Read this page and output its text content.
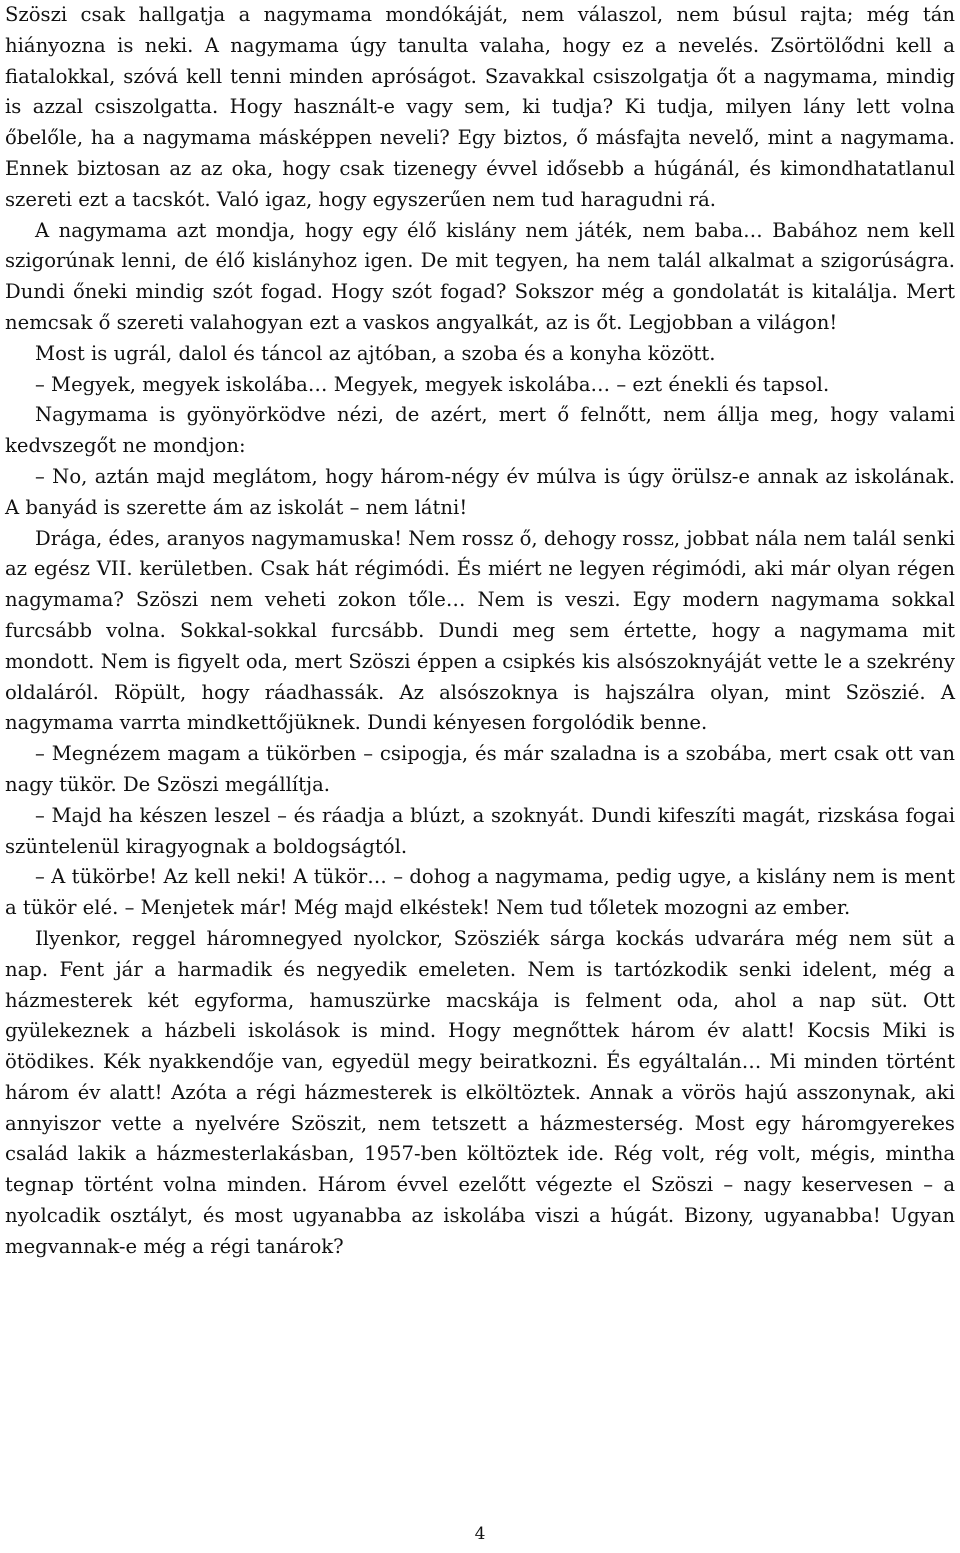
Szöszi csak hallgatja a nagymama mondókáját, nem válaszol, nem búsul rajta; még tán hiányozna is neki. A nagymama úgy tanulta valaha, hogy ez a nevelés. Zsörtölődni kell a fiatalokkal, szóvá kell tenni minden apróságot. Szavakkal csiszolgatja őt a nagymama, mindig is azzal csiszolgatta. Hogy használt-e vagy sem, ki tudja? Ki tudja, milyen lány lett volna őbelőle, ha a nagymama másképpen neveli? Egy biztos, ő másfajta nevelő, mint a nagymama. Ennek biztosan az az oka, hogy csak tizenegy évvel idősebb a húgánál, és kimondhatatlanul szereti ezt a tacskót. Való igaz, hogy egyszerűen nem tud haragudni rá.

A nagymama azt mondja, hogy egy élő kislány nem játék, nem baba… Babához nem kell szigorúnak lenni, de élő kislányhoz igen. De mit tegyen, ha nem talál alkalmat a szigorúságra. Dundi őneki mindig szót fogad. Hogy szót fogad? Sokszor még a gondolatát is kitalálja. Mert nemcsak ő szereti valahogyan ezt a vaskos angyalkát, az is őt. Legjobban a világon!

Most is ugrál, dalol és táncol az ajtóban, a szoba és a konyha között.

– Megyek, megyek iskolába… Megyek, megyek iskolába… – ezt énekli és tapsol.

Nagymama is gyönyörködve nézi, de azért, mert ő felnőtt, nem állja meg, hogy valami kedvszegőt ne mondjon:

– No, aztán majd meglátom, hogy három-négy év múlva is úgy örülsz-e annak az iskolának. A banyád is szerette ám az iskolát – nem látni!

Drága, édes, aranyos nagymamuska! Nem rossz ő, dehogy rossz, jobbat nála nem talál senki az egész VII. kerületben. Csak hát régimódi. És miért ne legyen régimódi, aki már olyan régen nagymama? Szöszi nem veheti zokon tőle… Nem is veszi. Egy modern nagymama sokkal furcsább volna. Sokkal-sokkal furcsább. Dundi meg sem értette, hogy a nagymama mit mondott. Nem is figyelt oda, mert Szöszi éppen a csipkés kis alsószoknyáját vette le a szekrény oldaláról. Röpült, hogy ráadhassák. Az alsószoknya is hajszálra olyan, mint Szöszié. A nagymama varrta mindkettőjüknek. Dundi kényesen forgolódik benne.

– Megnézem magam a tükörben – csipogja, és már szaladna is a szobába, mert csak ott van nagy tükör. De Szöszi megállítja.

– Majd ha készen leszel – és ráadja a blúzt, a szoknyát. Dundi kifeszíti magát, rizskása fogai szüntelenül kiragyognak a boldogságtól.

– A tükörbe! Az kell neki! A tükör… – dohog a nagymama, pedig ugye, a kislány nem is ment a tükör elé. – Menjetek már! Még majd elkéstek! Nem tud tőletek mozogni az ember.

Ilyenkor, reggel háromnegyed nyolckor, Szösziék sárga kockás udvarára még nem süt a nap. Fent jár a harmadik és negyedik emeleten. Nem is tartózkodik senki idelent, még a házmesterek két egyforma, hamuszürke macskája is felment oda, ahol a nap süt. Ott gyülekeznek a házbeli iskolások is mind. Hogy megnőttek három év alatt! Kocsis Miki is ötödikes. Kék nyakkendője van, egyedül megy beiratkozni. És egyáltalán… Mi minden történt három év alatt! Azóta a régi házmesterek is elköltöztek. Annak a vörös hajú asszonynak, aki annyiszor vette a nyelvére Szöszit, nem tetszett a házmesterség. Most egy háromgyerekes család lakik a házmesterlakásban, 1957-ben költöztek ide. Rég volt, rég volt, mégis, mintha tegnap történt volna minden. Három évvel ezelőtt végezte el Szöszi – nagy keservesen – a nyolcadik osztályt, és most ugyanabba az iskolába viszi a húgát. Bizony, ugyanabba! Ugyan megvannak-e még a régi tanárok?

4
